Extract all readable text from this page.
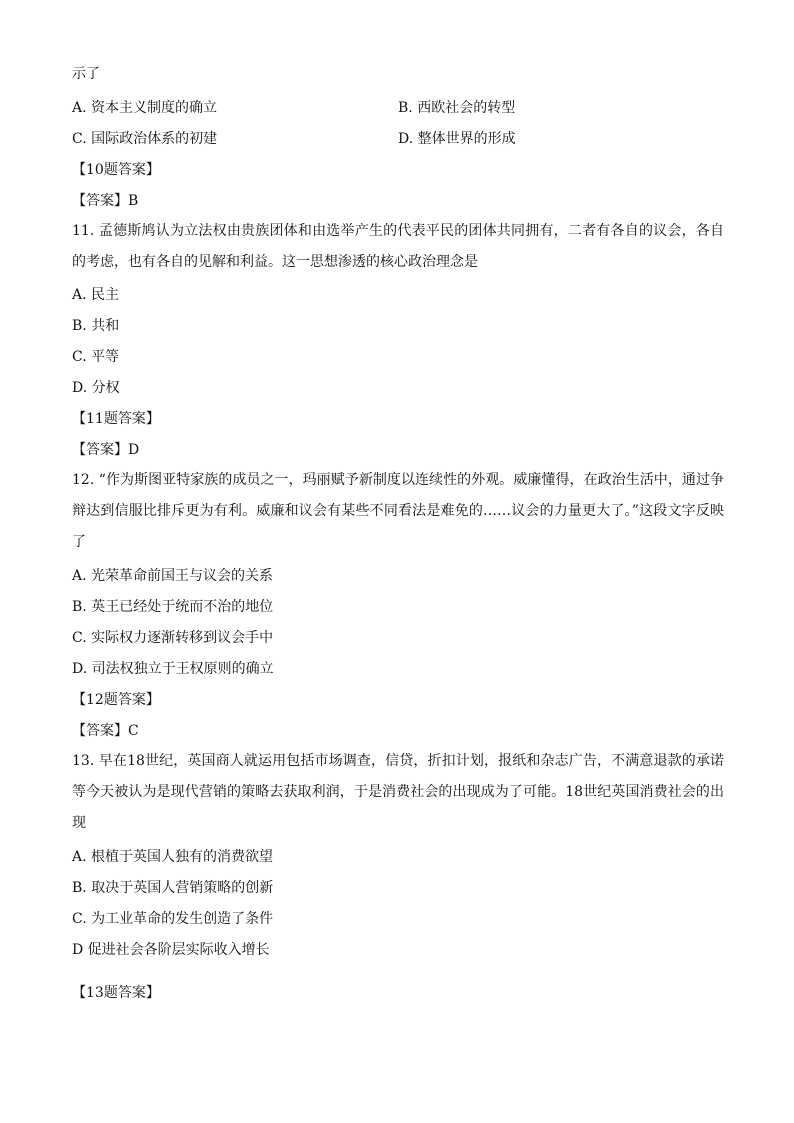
示了
A. 资本主义制度的确立	B. 西欧社会的转型
C. 国际政治体系的初建	D. 整体世界的形成
【10题答案】
【答案】B
11. 孟德斯鸠认为立法权由贵族团体和由选举产生的代表平民的团体共同拥有，二者有各自的议会，各自的考虑，也有各自的见解和利益。这一思想渗透的核心政治理念是
A. 民主
B. 共和
C. 平等
D. 分权
【11题答案】
【答案】D
12. “作为斯图亚特家族的成员之一，玛丽赋予新制度以连续性的外观。威廉懂得，在政治生活中，通过争辩达到信服比排斥更为有利。威廉和议会有某些不同看法是难免的……议会的力量更大了。”这段文字反映了
A. 光荣革命前国王与议会的关系
B. 英王已经处于统而不治的地位
C. 实际权力逐渐转移到议会手中
D. 司法权独立于王权原则的确立
【12题答案】
【答案】C
13. 早在18世纪，英国商人就运用包括市场调查，信贷，折扣计划，报纸和杂志广告，不满意退款的承诺等今天被认为是现代营销的策略去获取利润，于是消费社会的出现成为了可能。18世纪英国消费社会的出现
A. 根植于英国人独有的消费欲望
B. 取决于英国人营销策略的创新
C. 为工业革命的发生创造了条件
D 促进社会各阶层实际收入增长
【13题答案】
